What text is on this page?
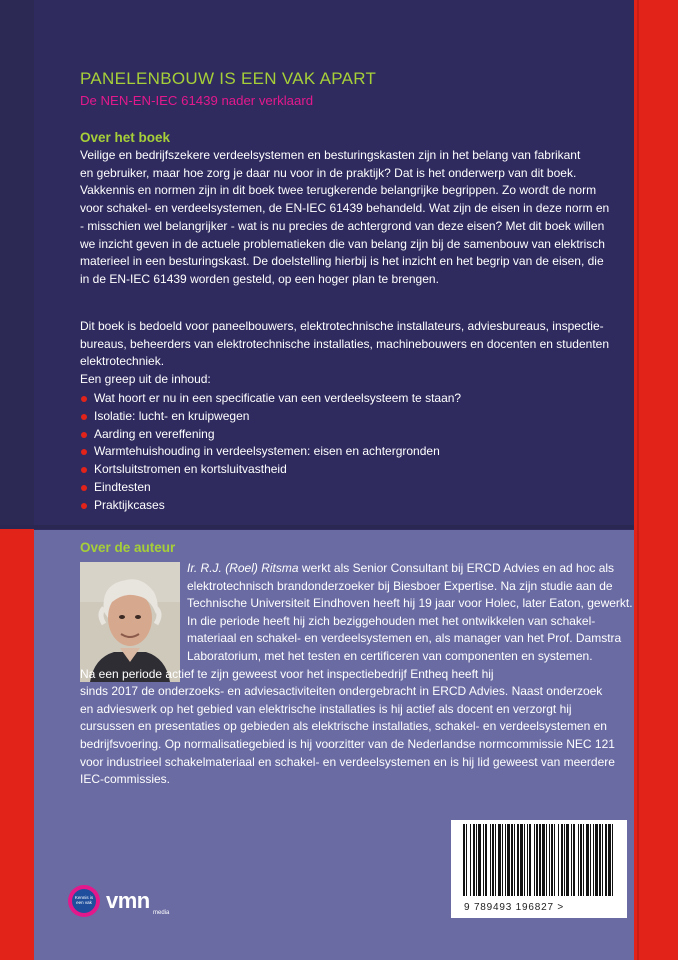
PANELENBOUW IS EEN VAK APART
De NEN-EN-IEC 61439 nader verklaard
Over het boek
Veilige en bedrijfszekere verdeelsystemen en besturingskasten zijn in het belang van fabrikant
en gebruiker, maar hoe zorg je daar nu voor in de praktijk? Dat is het onderwerp van dit boek.
Vakkennis en normen zijn in dit boek twee terugkerende belangrijke begrippen. Zo wordt de norm
voor schakel- en verdeelsystemen, de EN-IEC 61439 behandeld. Wat zijn de eisen in deze norm en
- misschien wel belangrijker - wat is nu precies de achtergrond van deze eisen? Met dit boek willen
we inzicht geven in de actuele problematieken die van belang zijn bij de samenbouw van elektrisch
materieel in een besturingskast. De doelstelling hierbij is het inzicht en het begrip van de eisen, die
in de EN-IEC 61439 worden gesteld, op een hoger plan te brengen.
Dit boek is bedoeld voor paneelbouwers, elektrotechnische installateurs, adviesbureaus, inspectie-
bureaus, beheerders van elektrotechnische installaties, machinebouwers en docenten en studenten
elektrotechniek.
Een greep uit de inhoud:
Wat hoort er nu in een specificatie van een verdeelsysteem te staan?
Isolatie: lucht- en kruipwegen
Aarding en vereffening
Warmtehuishouding in verdeelsystemen: eisen en achtergronden
Kortsluitstromen en kortsluitvastheid
Eindtesten
Praktijkcases
Over de auteur
Ir. R.J. (Roel) Ritsma werkt als Senior Consultant bij ERCD Advies en ad hoc als
elektrotechnisch brandonderzoeker bij Biesboer Expertise. Na zijn studie aan de
Technische Universiteit Eindhoven heeft hij 19 jaar voor Holec, later Eaton, gewerkt.
In die periode heeft hij zich beziggehouden met het ontwikkelen van schakel-
materiaal en schakel- en verdeelsystemen en, als manager van het Prof. Damstra
Laboratorium, met het testen en certificeren van componenten en systemen.
Na een periode actief te zijn geweest voor het inspectiebedrijf Entheq heeft hij
sinds 2017 de onderzoeks- en adviesactiviteiten ondergebracht in ERCD Advies. Naast onderzoek
en advieswerk op het gebied van elektrische installaties is hij actief als docent en verzorgt hij
cursussen en presentaties op gebieden als elektrische installaties, schakel- en verdeelsystemen en
bedrijfsvoering. Op normalisatiegebied is hij voorzitter van de Nederlandse normcommissie NEC 121
voor industrieel schakelmateriaal en schakel- en verdeelsystemen en is hij lid geweest van meerdere
IEC-commissies.
9 789493 196827 >
Kennis is een vak vmn media
